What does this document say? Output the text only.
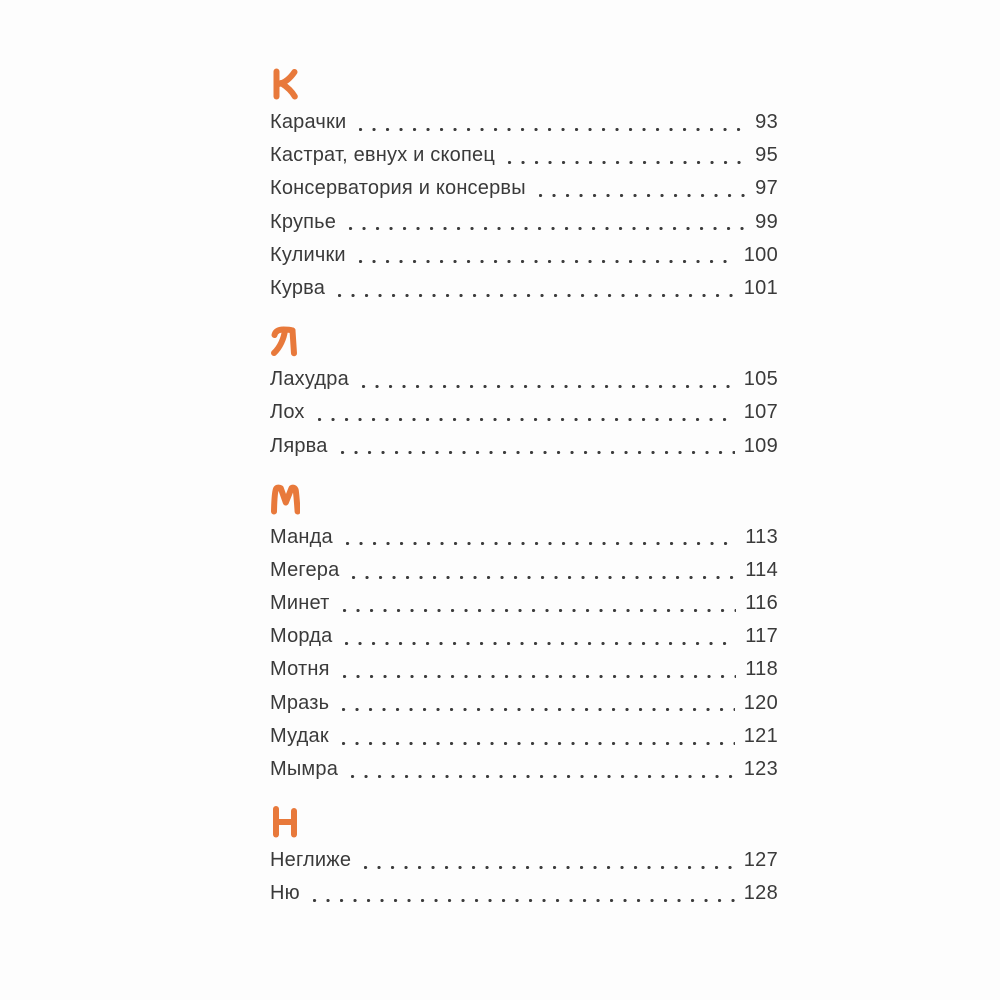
Карачки	93
Кастрат, евнух и скопец	95
Консерватория и консервы	97
Крупье	99
Кулички	100
Курва	101
Лахудра	105
Лох	107
Лярва	109
Манда	113
Мегера	114
Минет	116
Морда	117
Мотня	118
Мразь	120
Мудак	121
Мымра	123
Неглиже	127
Ню	128
